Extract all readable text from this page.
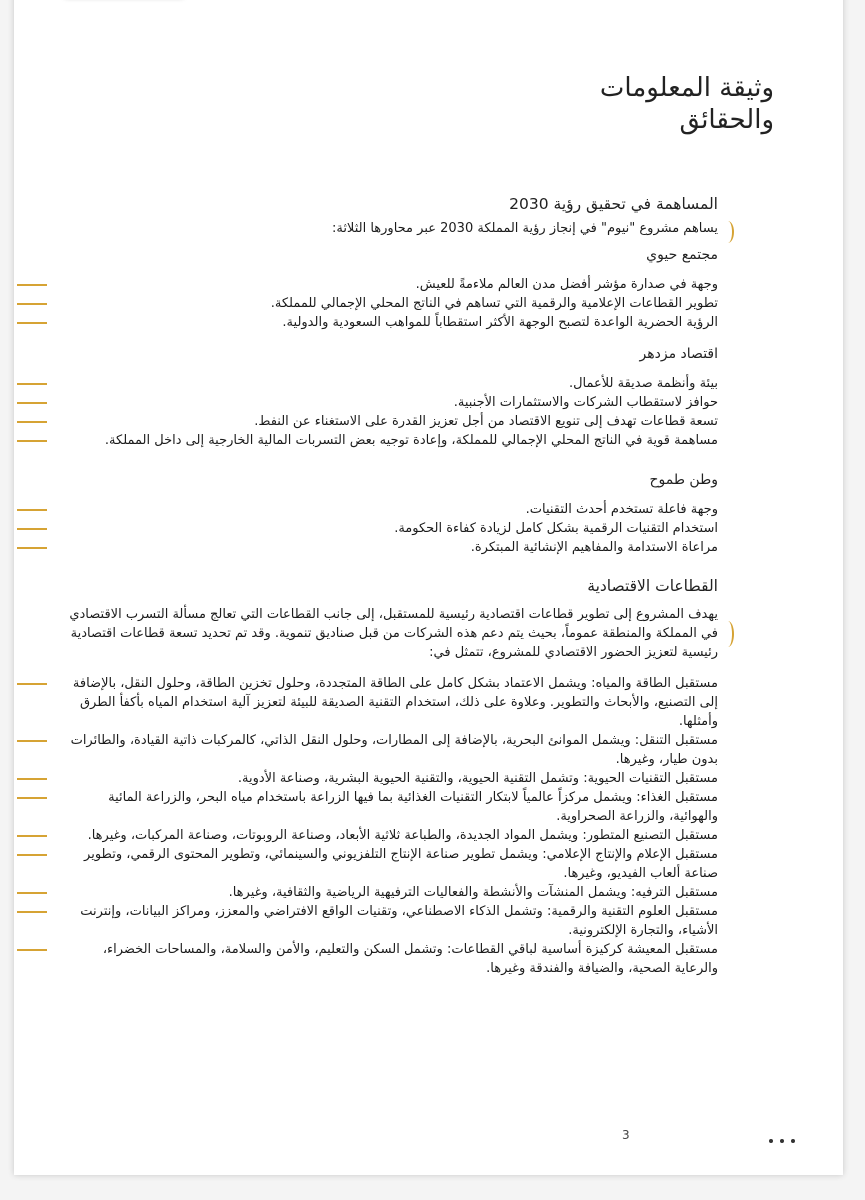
وثيقة المعلومات
والحقائق
المساهمة في تحقيق رؤية 2030
يساهم مشروع "نيوم" في إنجاز رؤية المملكة 2030 عبر محاورها الثلاثة:
مجتمع حيوي
وجهة في صدارة مؤشر أفضل مدن العالم ملاءمةً للعيش.
تطوير القطاعات الإعلامية والرقمية التي تساهم في الناتج المحلي الإجمالي للمملكة.
الرؤية الحضرية الواعدة لتصبح الوجهة الأكثر استقطاباً للمواهب السعودية والدولية.
اقتصاد مزدهر
بيئة وأنظمة صديقة للأعمال.
حوافز لاستقطاب الشركات والاستثمارات الأجنبية.
تسعة قطاعات تهدف إلى تنويع الاقتصاد من أجل تعزيز القدرة على الاستغناء عن النفط.
مساهمة قوية في الناتج المحلي الإجمالي للمملكة، وإعادة توجيه بعض التسربات المالية الخارجية إلى داخل المملكة.
وطن طموح
وجهة فاعلة تستخدم أحدث التقنيات.
استخدام التقنيات الرقمية بشكل كامل لزيادة كفاءة الحكومة.
مراعاة الاستدامة والمفاهيم الإنشائية المبتكرة.
القطاعات الاقتصادية
يهدف المشروع إلى تطوير قطاعات اقتصادية رئيسية للمستقبل، إلى جانب القطاعات التي تعالج مسألة التسرب الاقتصادي في المملكة والمنطقة عموماً، بحيث يتم دعم هذه الشركات من قبل صناديق تنموية. وقد تم تحديد تسعة قطاعات اقتصادية رئيسية لتعزيز الحضور الاقتصادي للمشروع، تتمثل في:
مستقبل الطاقة والمياه: ويشمل الاعتماد بشكل كامل على الطاقة المتجددة، وحلول تخزين الطاقة، وحلول النقل، بالإضافة إلى التصنيع، والأبحاث والتطوير. وعلاوة على ذلك، استخدام التقنية الصديقة للبيئة لتعزيز آلية استخدام المياه بأكفأ الطرق وأمثلها.
مستقبل التنقل: ويشمل الموانئ البحرية، بالإضافة إلى المطارات، وحلول النقل الذاتي، كالمركبات ذاتية القيادة، والطائرات بدون طيار، وغيرها.
مستقبل التقنيات الحيوية: وتشمل التقنية الحيوية، والتقنية الحيوية البشرية، وصناعة الأدوية.
مستقبل الغذاء: ويشمل مركزاً عالمياً لابتكار التقنيات الغذائية بما فيها الزراعة باستخدام مياه البحر، والزراعة المائية والهوائية، والزراعة الصحراوية.
مستقبل التصنيع المتطور: ويشمل المواد الجديدة، والطباعة ثلاثية الأبعاد، وصناعة الروبوتات، وصناعة المركبات، وغيرها.
مستقبل الإعلام والإنتاج الإعلامي: ويشمل تطوير صناعة الإنتاج التلفزيوني والسينمائي، وتطوير المحتوى الرقمي، وتطوير صناعة ألعاب الفيديو، وغيرها.
مستقبل الترفيه: ويشمل المنشآت والأنشطة والفعاليات الترفيهية الرياضية والثقافية، وغيرها.
مستقبل العلوم التقنية والرقمية: وتشمل الذكاء الاصطناعي، وتقنيات الواقع الافتراضي والمعزز، ومراكز البيانات، وإنترنت الأشياء، والتجارة الإلكترونية.
مستقبل المعيشة كركيزة أساسية لباقي القطاعات: وتشمل السكن والتعليم، والأمن والسلامة، والمساحات الخضراء، والرعاية الصحية، والضيافة والفندقة وغيرها.
3
